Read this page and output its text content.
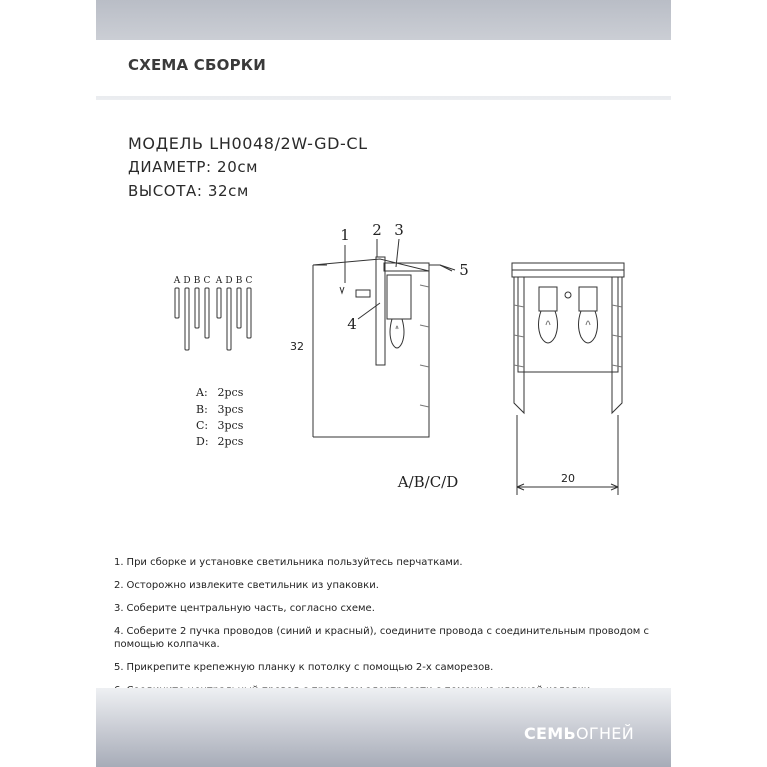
СХЕМА СБОРКИ
МОДЕЛЬ LH0048/2W-GD-CL
ДИАМЕТР: 20см
ВЫСОТА: 32см
A D B C A D B C
A: 2pcs
B: 3pcs
C: 3pcs
D: 2pcs
1 2 3
4
5
32
A/B/C/D	20
1. При сборке и установке светильника пользуйтесь перчатками.
2. Осторожно извлеките светильник из упаковки.
3. Соберите центральную часть, согласно схеме.
4. Соберите 2 пучка проводов (синий и красный), соедините провода с соединительным проводом с помощью колпачка.
5. Прикрепите крепежную планку к потолку с помощью 2-х саморезов.
СЕМЬОГНЕЙ
